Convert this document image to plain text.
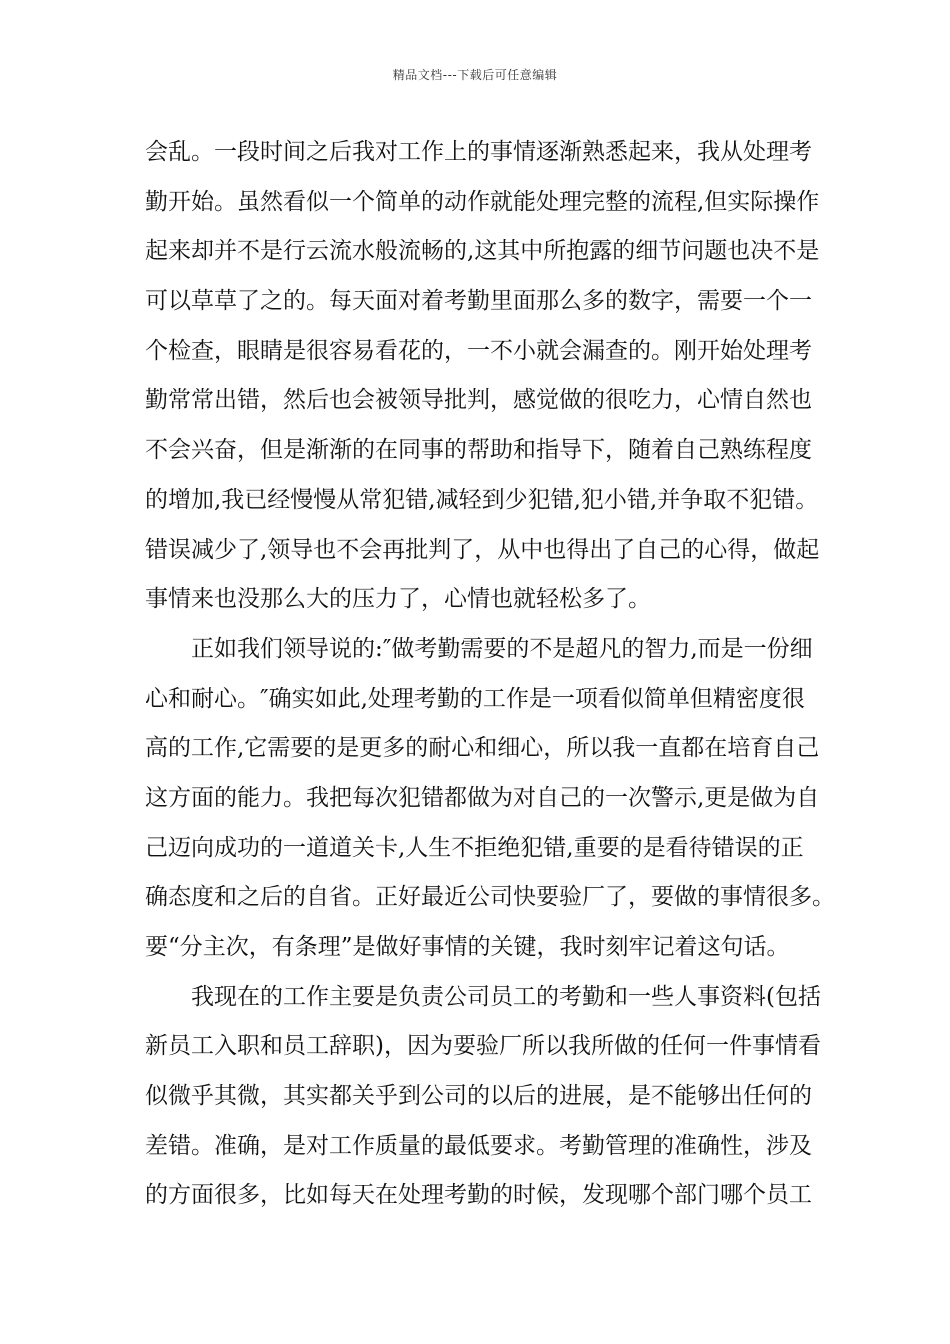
精品文档---下载后可任意编辑
会乱。一段时间之后我对工作上的事情逐渐熟悉起来，我从处理考
勤开始。虽然看似一个简单的动作就能处理完整的流程,但实际操作
起来却并不是行云流水般流畅的,这其中所抱露的细节问题也决不是
可以草草了之的。每天面对着考勤里面那么多的数字，需要一个一
个检查，眼睛是很容易看花的，一不小就会漏查的。刚开始处理考
勤常常出错，然后也会被领导批判，感觉做的很吃力，心情自然也
不会兴奋，但是渐渐的在同事的帮助和指导下，随着自己熟练程度
的增加,我已经慢慢从常犯错,减轻到少犯错,犯小错,并争取不犯错。
错误减少了,领导也不会再批判了，从中也得出了自己的心得，做起
事情来也没那么大的压力了，心情也就轻松多了。
正如我们领导说的:″做考勤需要的不是超凡的智力,而是一份细
心和耐心。″确实如此,处理考勤的工作是一项看似简单但精密度很
高的工作,它需要的是更多的耐心和细心，所以我一直都在培育自己
这方面的能力。我把每次犯错都做为对自己的一次警示,更是做为自
己迈向成功的一道道关卡,人生不拒绝犯错,重要的是看待错误的正
确态度和之后的自省。正好最近公司快要验厂了，要做的事情很多。
要“分主次，有条理”是做好事情的关键，我时刻牢记着这句话。
我现在的工作主要是负责公司员工的考勤和一些人事资料(包括
新员工入职和员工辞职)，因为要验厂所以我所做的任何一件事情看
似微乎其微，其实都关乎到公司的以后的进展，是不能够出任何的
差错。准确，是对工作质量的最低要求。考勤管理的准确性，涉及
的方面很多，比如每天在处理考勤的时候，发现哪个部门哪个员工
